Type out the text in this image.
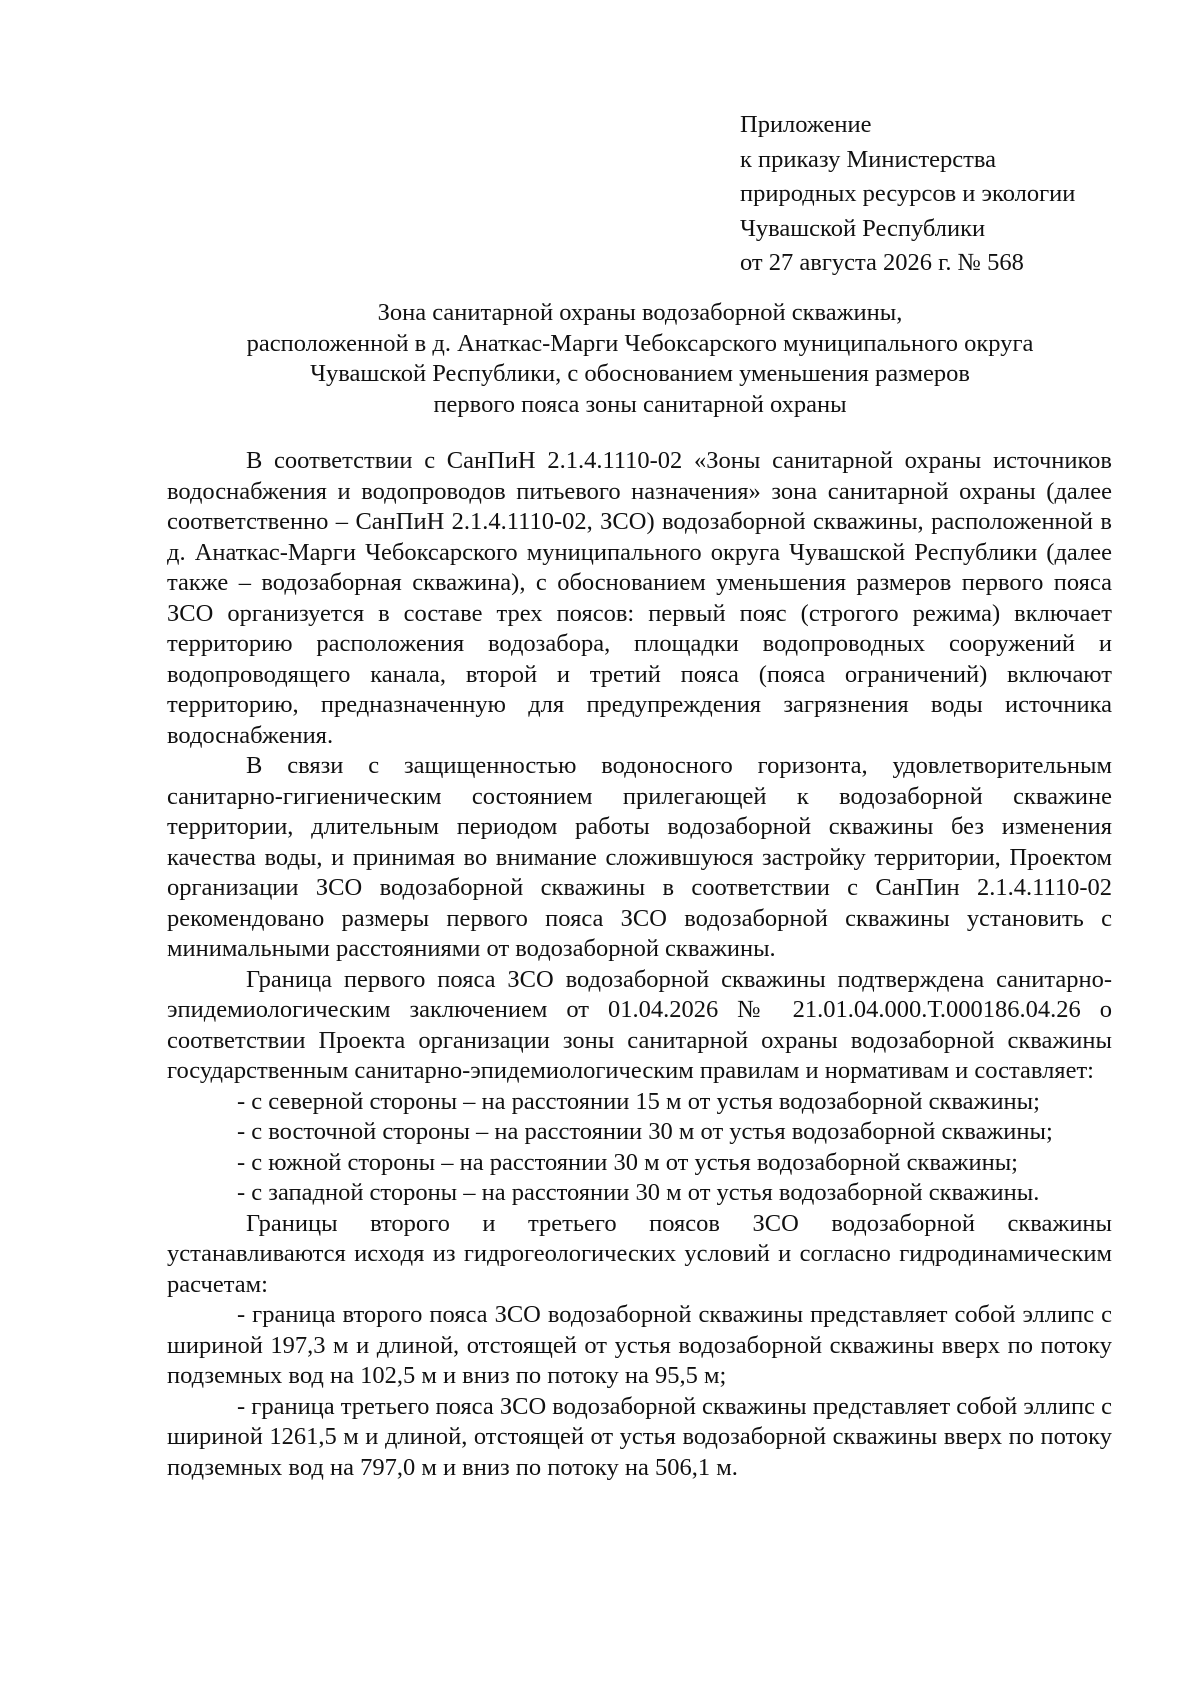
Приложение
к приказу Министерства
природных ресурсов и экологии
Чувашской Республики
от 27 августа 2026 г. № 568
Зона санитарной охраны водозаборной скважины,
расположенной в д. Анаткас-Марги Чебоксарского муниципального округа
Чувашской Республики, с обоснованием уменьшения размеров
первого пояса зоны санитарной охраны

В соответствии с СанПиН 2.1.4.1110-02 «Зоны санитарной охраны источников водоснабжения и водопроводов питьевого назначения» зона санитарной охраны (далее соответственно – СанПиН 2.1.4.1110-02, ЗСО) водозаборной скважины, расположенной в д. Анаткас-Марги Чебоксарского муниципального округа Чувашской Республики (далее также – водозаборная скважина), с обоснованием уменьшения размеров первого пояса ЗСО организуется в составе трех поясов: первый пояс (строгого режима) включает территорию расположения водозабора, площадки водопроводных сооружений и водопроводящего канала, второй и третий пояса (пояса ограничений) включают территорию, предназначенную для предупреждения загрязнения воды источника водоснабжения.

В связи с защищенностью водоносного горизонта, удовлетворительным санитарно-гигиеническим состоянием прилегающей к водозаборной скважине территории, длительным периодом работы водозаборной скважины без изменения качества воды, и принимая во внимание сложившуюся застройку территории, Проектом организации ЗСО водозаборной скважины в соответствии с СанПин 2.1.4.1110-02 рекомендовано размеры первого пояса ЗСО водозаборной скважины установить с минимальными расстояниями от водозаборной скважины.

Граница первого пояса ЗСО водозаборной скважины подтверждена санитарно-эпидемиологическим заключением от 01.04.2026 № 21.01.04.000.Т.000186.04.26 о соответствии Проекта организации зоны санитарной охраны водозаборной скважины государственным санитарно-эпидемиологическим правилам и нормативам и составляет:

- с северной стороны – на расстоянии 15 м от устья водозаборной скважины;

- с восточной стороны – на расстоянии 30 м от устья водозаборной скважины;

- с южной стороны – на расстоянии 30 м от устья водозаборной скважины;

- с западной стороны – на расстоянии 30 м от устья водозаборной скважины.

Границы второго и третьего поясов ЗСО водозаборной скважины устанавливаются исходя из гидрогеологических условий и согласно гидродинамическим расчетам:

- граница второго пояса ЗСО водозаборной скважины представляет собой эллипс с шириной 197,3 м и длиной, отстоящей от устья водозаборной скважины вверх по потоку подземных вод на 102,5 м и вниз по потоку на 95,5 м;

- граница третьего пояса ЗСО водозаборной скважины представляет собой эллипс с шириной 1261,5 м и длиной, отстоящей от устья водозаборной скважины вверх по потоку подземных вод на 797,0 м и вниз по потоку на 506,1 м.
